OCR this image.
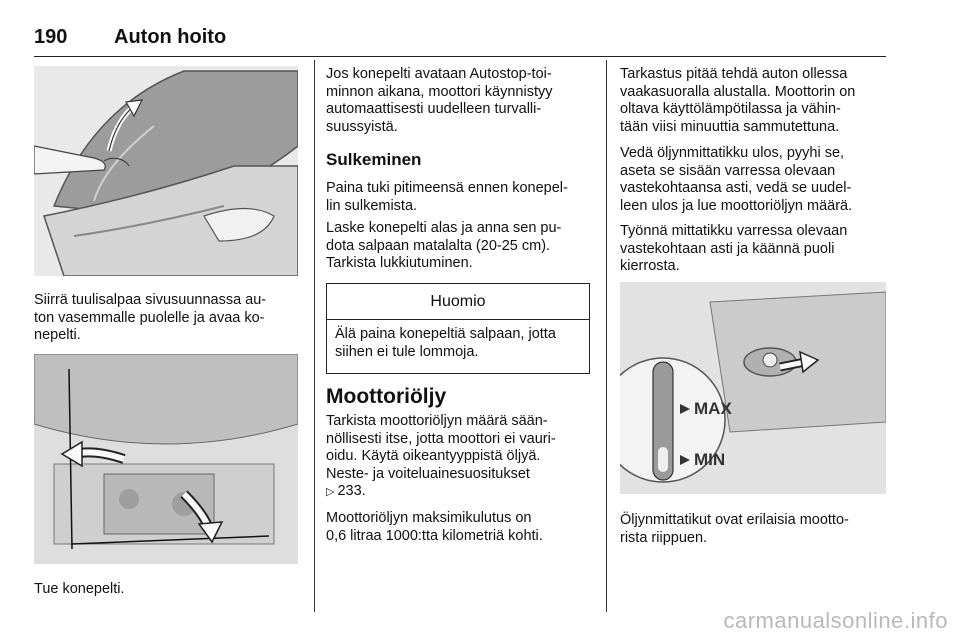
190 Auton hoito
Siirrä tuulisalpaa sivusuunnassa au-
ton vasemmalle puolelle ja avaa ko-
nepelti.
Tue konepelti.
Jos konepelti avataan Autostop-toi-
minnon aikana, moottori käynnistyy
automaattisesti uudelleen turvalli-
suussyistä.
Sulkeminen
Paina tuki pitimeensä ennen konepel-
lin sulkemista.
Laske konepelti alas ja anna sen pu-
dota salpaan matalalta (20-25 cm).
Tarkista lukkiutuminen.
Huomio
Älä paina konepeltiä salpaan, jotta
siihen ei tule lommoja.
Moottoriöljy
Tarkista moottoriöljyn määrä sään-
nöllisesti itse, jotta moottori ei vauri-
oidu. Käytä oikeantyyppistä öljyä.
Neste- ja voiteluainesuositukset
▷ 233.
Moottoriöljyn maksimikulutus on
0,6 litraa 1000:tta kilometriä kohti.
Tarkastus pitää tehdä auton ollessa
vaakasuoralla alustalla. Moottorin on
oltava käyttölämpötilassa ja vähin-
tään viisi minuuttia sammutettuna.
Vedä öljynmittatikku ulos, pyyhi se,
aseta se sisään varressa olevaan
vastekohtaansa asti, vedä se uudel-
leen ulos ja lue moottoriöljyn määrä.
Työnnä mittatikku varressa olevaan
vastekohtaan asti ja käännä puoli
kierrosta.
MAX
MIN
Öljynmittatikut ovat erilaisia mootto-
rista riippuen.
carmanualsonline.info
